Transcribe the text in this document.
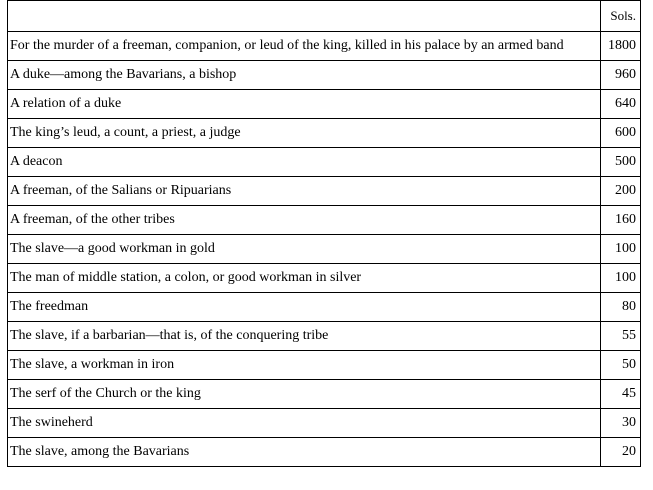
	Sols.
For the murder of a freeman, companion, or leud of the king, killed in his palace by an armed band	1800
A duke—among the Bavarians, a bishop	960
A relation of a duke	640
The king’s leud, a count, a priest, a judge	600
A deacon	500
A freeman, of the Salians or Ripuarians	200
A freeman, of the other tribes	160
The slave—a good workman in gold	100
The man of middle station, a colon, or good workman in silver	100
The freedman	80
The slave, if a barbarian—that is, of the conquering tribe	55
The slave, a workman in iron	50
The serf of the Church or the king	45
The swineherd	30
The slave, among the Bavarians	20
